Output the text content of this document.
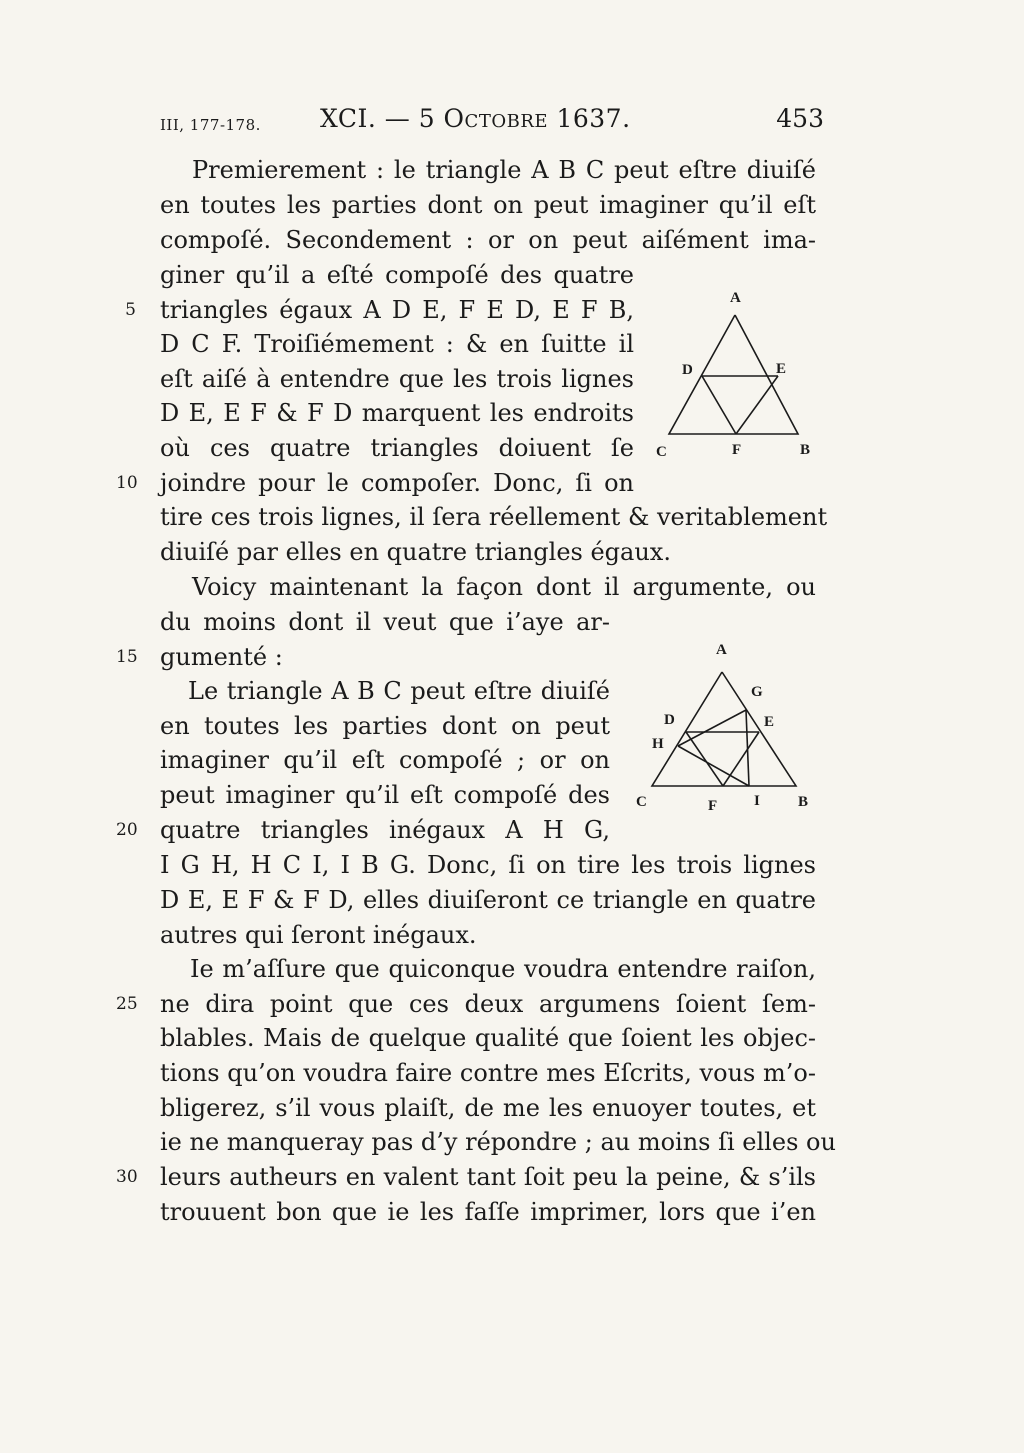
III, 177-178. XCI. — 5 Octobre 1637.	453
Premierement : le triangle A B C peut eſtre diuiſé
en toutes les parties dont on peut imaginer qu’il eſt
compoſé. Secondement : or on peut aiſément ima-
giner qu’il a eſté compoſé des quatre
triangles égaux A D E, F E D, E F B,
D C F. Troiſiémement : & en ſuitte il
eſt aiſé à entendre que les trois lignes
D E, E F & F D marquent les endroits
où ces quatre triangles doiuent ſe
joindre pour le compoſer. Donc, ſi on
tire ces trois lignes, il ſera réellement & veritablement
diuiſé par elles en quatre triangles égaux.
Voicy maintenant la façon dont il argumente, ou
du moins dont il veut que i’aye ar-
gumenté :
Le triangle A B C peut eſtre diuiſé
en toutes les parties dont on peut
imaginer qu’il eſt compoſé ; or on
peut imaginer qu’il eſt compoſé des
quatre triangles inégaux A H G,
I G H, H C I, I B G. Donc, ſi on tire les trois lignes
D E, E F & F D, elles diuiſeront ce triangle en quatre
autres qui ſeront inégaux.
Ie m’aſſure que quiconque voudra entendre raiſon,
ne dira point que ces deux argumens ſoient ſem-
blables. Mais de quelque qualité que ſoient les objec-
tions qu’on voudra faire contre mes Eſcrits, vous m’o-
bligerez, s’il vous plaiſt, de me les enuoyer toutes, et
ie ne manqueray pas d’y répondre ; au moins ſi elles ou
leurs autheurs en valent tant ſoit peu la peine, & s’ils
trouuent bon que ie les faſſe imprimer, lors que i’en
5
10
15
20
25
30
A
D	E
C	F	B
A
G
D
H
E
C	F I	B
